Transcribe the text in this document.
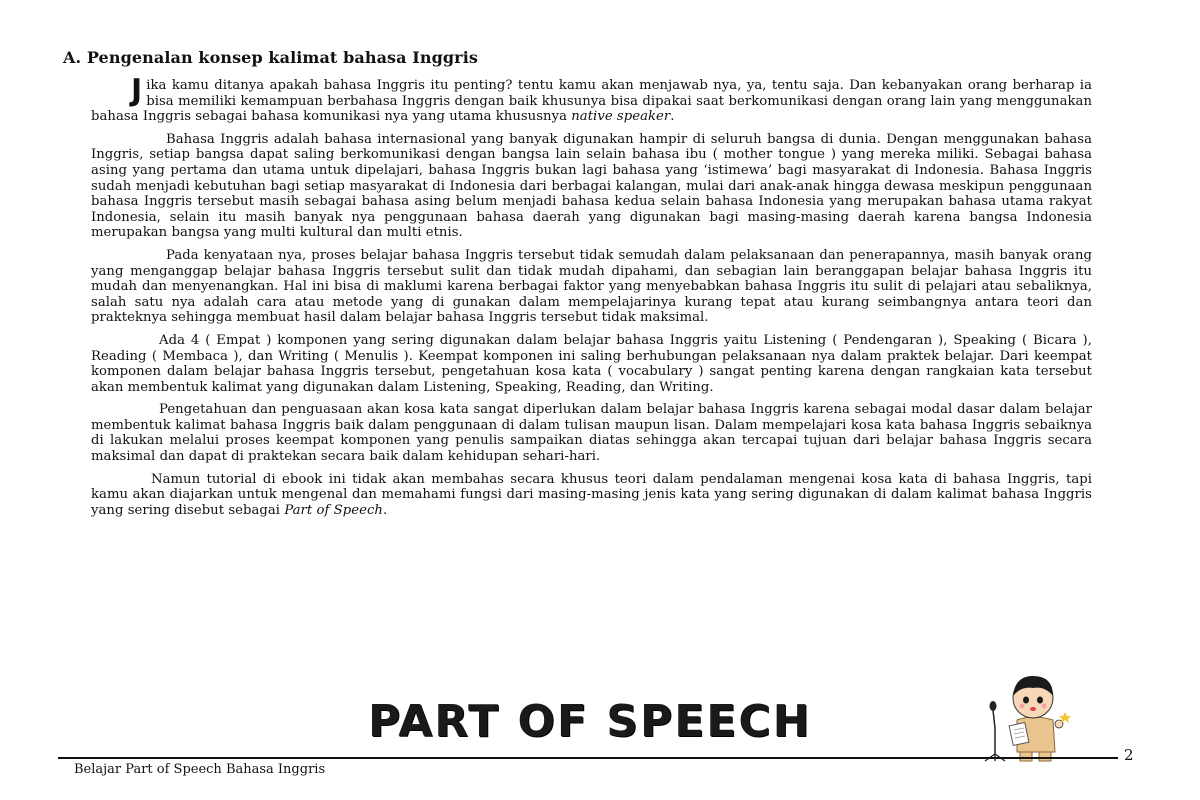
A. Pengenalan konsep kalimat bahasa Inggris

Jika kamu ditanya apakah bahasa Inggris itu penting? tentu kamu akan menjawab nya, ya, tentu saja. Dan kebanyakan orang berharap ia bisa memiliki kemampuan berbahasa Inggris dengan baik khusunya bisa dipakai saat berkomunikasi dengan orang lain yang menggunakan bahasa Inggris sebagai bahasa komunikasi nya yang utama khususnya native speaker.

Bahasa Inggris adalah bahasa internasional yang banyak digunakan hampir di seluruh bangsa di dunia. Dengan menggunakan bahasa Inggris, setiap bangsa dapat saling berkomunikasi dengan bangsa lain selain bahasa ibu ( mother tongue ) yang mereka miliki. Sebagai bahasa asing yang pertama dan utama untuk dipelajari, bahasa Inggris bukan lagi bahasa yang ‘istimewa’ bagi masyarakat di Indonesia. Bahasa Inggris sudah menjadi kebutuhan bagi setiap masyarakat di Indonesia dari berbagai kalangan, mulai dari anak-anak hingga dewasa meskipun penggunaan bahasa Inggris tersebut masih sebagai bahasa asing belum menjadi bahasa kedua selain bahasa Indonesia yang merupakan bahasa utama rakyat Indonesia, selain itu masih banyak nya penggunaan bahasa daerah yang digunakan bagi masing-masing daerah karena bangsa Indonesia merupakan bangsa yang multi kultural dan multi etnis.

Pada kenyataan nya, proses belajar bahasa Inggris tersebut tidak semudah dalam pelaksanaan dan penerapannya, masih banyak orang yang menganggap belajar bahasa Inggris tersebut sulit dan tidak mudah dipahami, dan sebagian lain beranggapan belajar bahasa Inggris itu mudah dan menyenangkan. Hal ini bisa di maklumi karena berbagai faktor yang menyebabkan bahasa Inggris itu sulit di pelajari atau sebaliknya, salah satu nya adalah cara atau metode yang di gunakan dalam mempelajarinya kurang tepat atau kurang seimbangnya antara teori dan prakteknya sehingga membuat hasil dalam belajar bahasa Inggris tersebut tidak maksimal.

Ada 4 ( Empat ) komponen yang sering digunakan dalam belajar bahasa Inggris yaitu Listening ( Pendengaran ), Speaking ( Bicara ), Reading ( Membaca ), dan Writing ( Menulis ). Keempat komponen ini saling berhubungan pelaksanaan nya dalam praktek belajar. Dari keempat komponen dalam belajar bahasa Inggris tersebut, pengetahuan kosa kata ( vocabulary ) sangat penting karena dengan rangkaian kata tersebut akan membentuk kalimat yang digunakan dalam Listening, Speaking, Reading, dan Writing.

Pengetahuan dan penguasaan akan kosa kata sangat diperlukan dalam belajar bahasa Inggris karena sebagai modal dasar dalam belajar membentuk kalimat bahasa Inggris baik dalam penggunaan di dalam tulisan maupun lisan. Dalam mempelajari kosa kata bahasa Inggris sebaiknya di lakukan melalui proses keempat komponen yang penulis sampaikan diatas sehingga akan tercapai tujuan dari belajar bahasa Inggris secara maksimal dan dapat di praktekan secara baik dalam kehidupan sehari-hari.

Namun tutorial di ebook ini tidak akan membahas secara khusus teori dalam pendalaman mengenai kosa kata di bahasa Inggris, tapi kamu akan diajarkan untuk mengenal dan memahami fungsi dari masing-masing jenis kata yang sering digunakan di dalam kalimat bahasa Inggris yang sering disebut sebagai Part of Speech.

PART OF SPEECH
Belajar Part of Speech Bahasa Inggris
2
